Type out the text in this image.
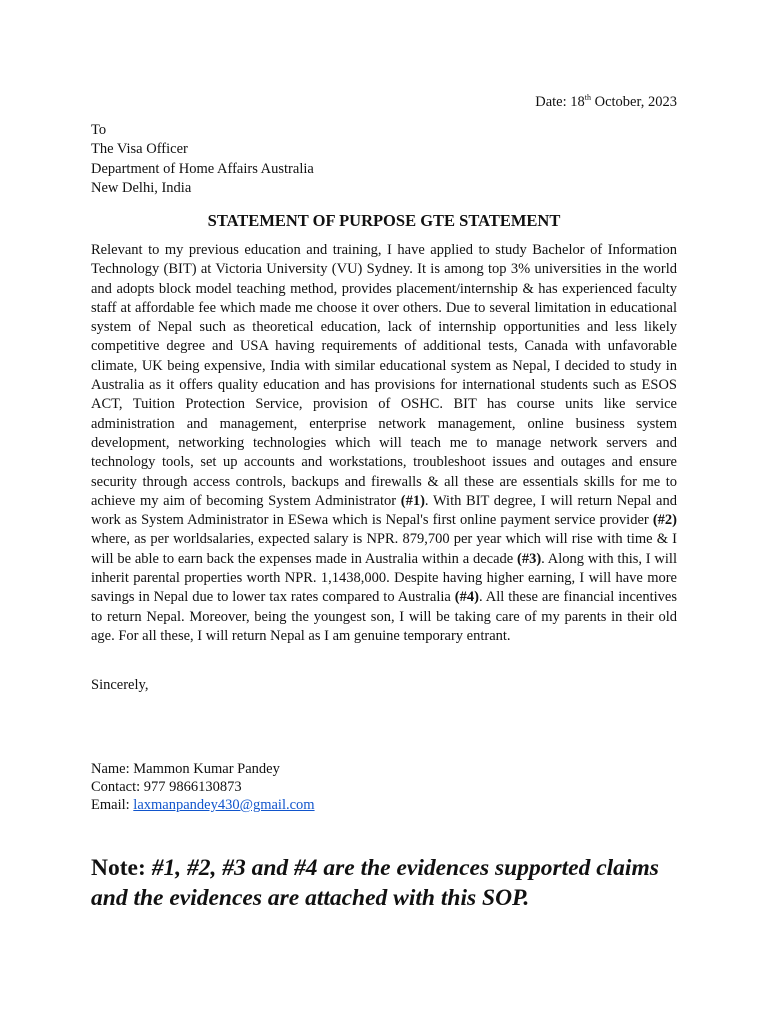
Date: 18th October, 2023
To
The Visa Officer
Department of Home Affairs Australia
New Delhi, India
STATEMENT OF PURPOSE GTE STATEMENT

Relevant to my previous education and training, I have applied to study Bachelor of Information Technology (BIT) at Victoria University (VU) Sydney. It is among top 3% universities in the world and adopts block model teaching method, provides placement/internship & has experienced faculty staff at affordable fee which made me choose it over others. Due to several limitation in educational system of Nepal such as theoretical education, lack of internship opportunities and less likely competitive degree and USA having requirements of additional tests, Canada with unfavorable climate, UK being expensive, India with similar educational system as Nepal, I decided to study in Australia as it offers quality education and has provisions for international students such as ESOS ACT, Tuition Protection Service, provision of OSHC. BIT has course units like service administration and management, enterprise network management, online business system development, networking technologies which will teach me to manage network servers and technology tools, set up accounts and workstations, troubleshoot issues and outages and ensure security through access controls, backups and firewalls & all these are essentials skills for me to achieve my aim of becoming System Administrator (#1). With BIT degree, I will return Nepal and work as System Administrator in ESewa which is Nepal's first online payment service provider (#2) where, as per worldsalaries, expected salary is NPR. 879,700 per year which will rise with time & I will be able to earn back the expenses made in Australia within a decade (#3). Along with this, I will inherit parental properties worth NPR. 1,1438,000. Despite having higher earning, I will have more savings in Nepal due to lower tax rates compared to Australia (#4). All these are financial incentives to return Nepal. Moreover, being the youngest son, I will be taking care of my parents in their old age. For all these, I will return Nepal as I am genuine temporary entrant.

Sincerely,
Name: Mammon Kumar Pandey
Contact: 977 9866130873
Email: laxmanpandey430@gmail.com
Note: #1, #2, #3 and #4 are the evidences supported claims
and the evidences are attached with this SOP.
